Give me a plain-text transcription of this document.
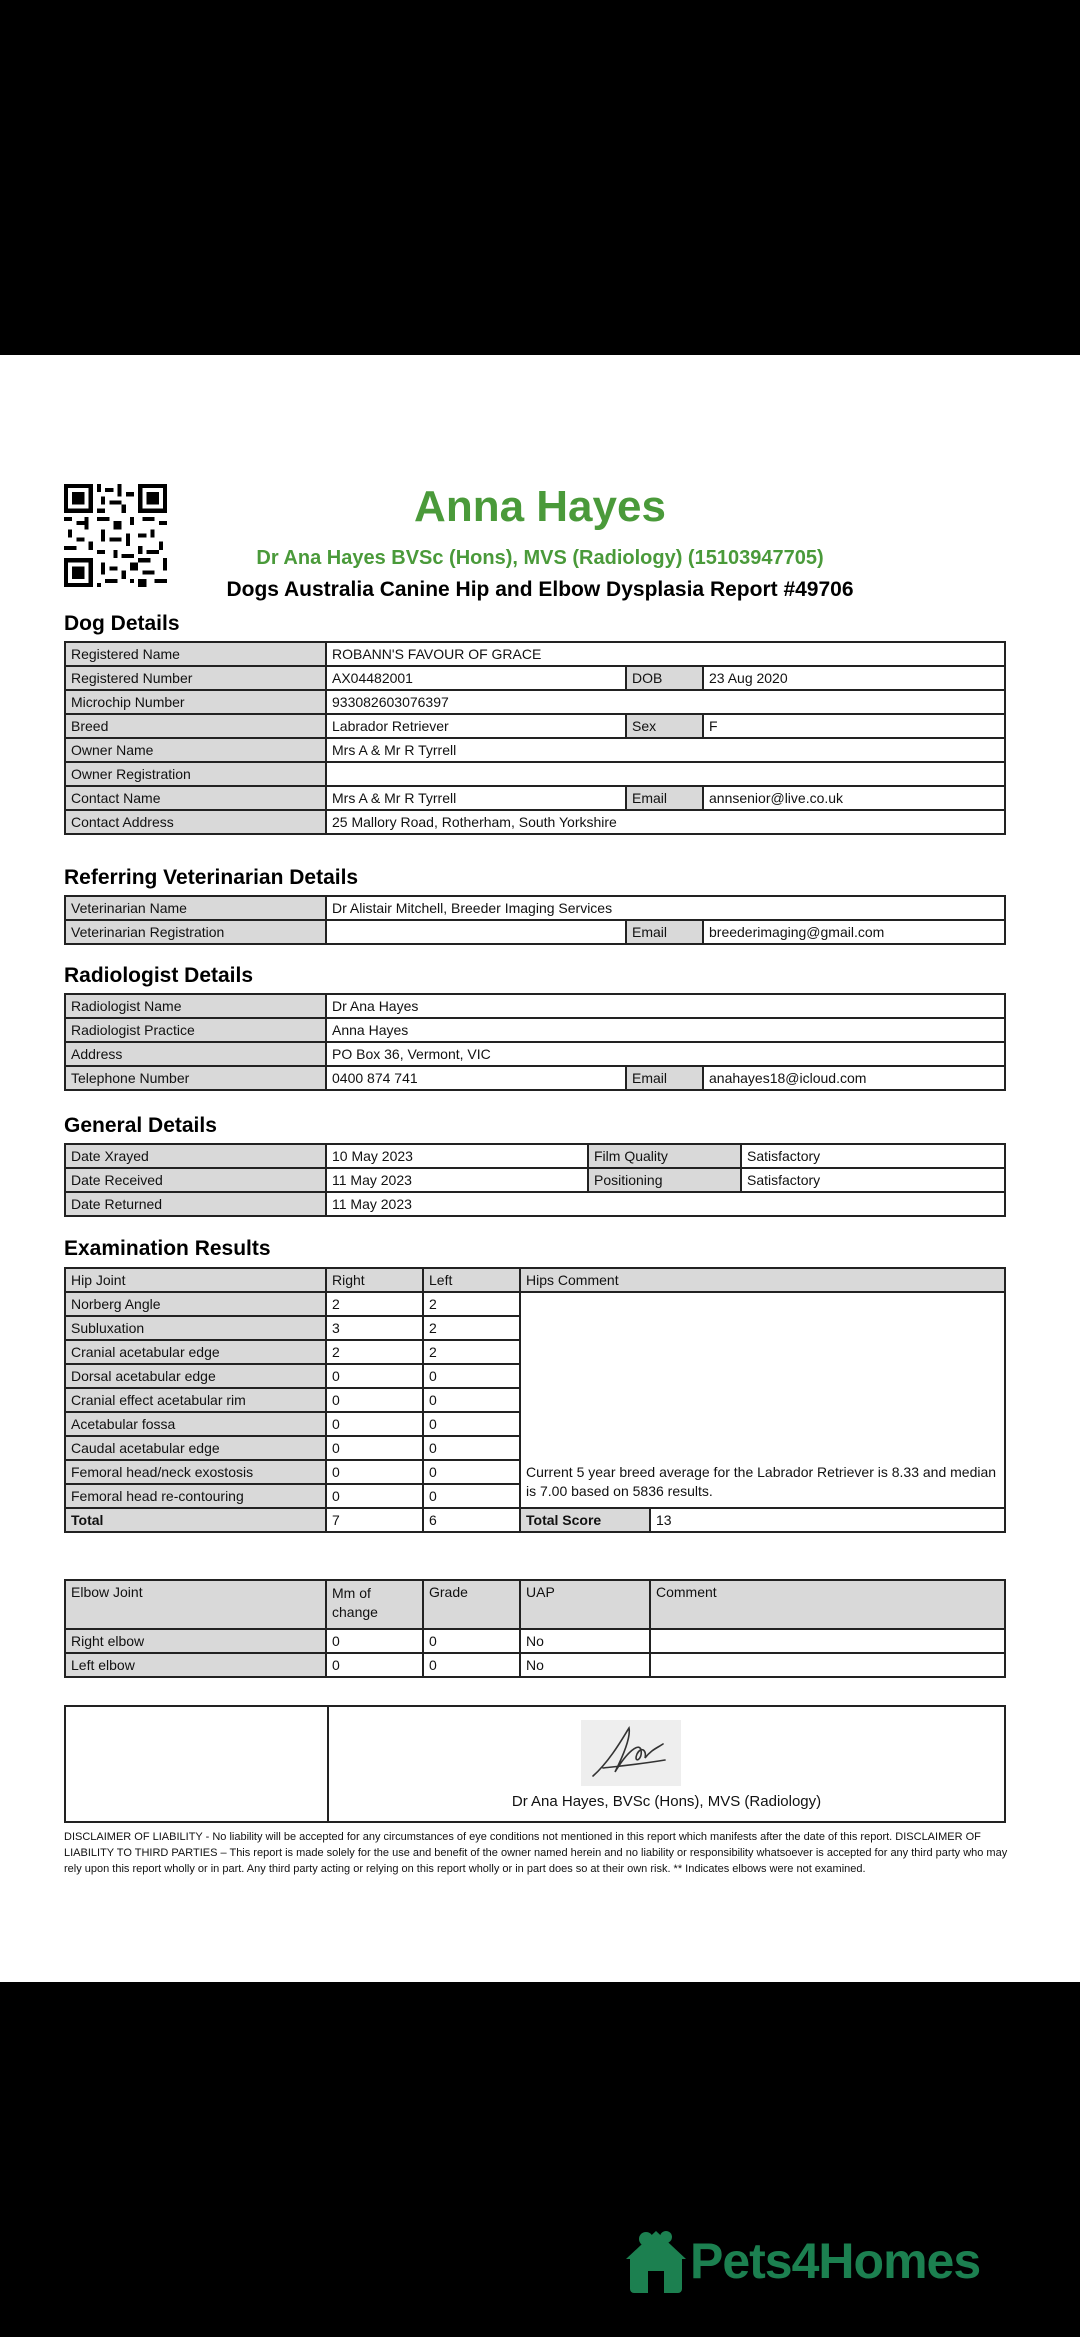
Anna Hayes
Dr Ana Hayes BVSc (Hons), MVS (Radiology) (15103947705)
Dogs Australia Canine Hip and Elbow Dysplasia Report #49706
Dog Details
Registered Name	ROBANN'S FAVOUR OF GRACE		
Registered Number	AX04482001	DOB	23 Aug 2020
Microchip Number	933082603076397		
Breed	Labrador Retriever	Sex	F
Owner Name	Mrs A & Mr R Tyrrell		
Owner Registration			
Contact Name	Mrs A & Mr R Tyrrell	Email	annsenior@live.co.uk
Contact Address	25 Mallory Road, Rotherham, South Yorkshire		
Referring Veterinarian Details
Veterinarian Name	Dr Alistair Mitchell, Breeder Imaging Services		
Veterinarian Registration		Email	breederimaging@gmail.com
Radiologist Details
Radiologist Name	Dr Ana Hayes		
Radiologist Practice	Anna Hayes		
Address	PO Box 36, Vermont, VIC		
Telephone Number	0400 874 741	Email	anahayes18@icloud.com
General Details
Date Xrayed	10 May 2023	Film Quality	Satisfactory
Date Received	11 May 2023	Positioning	Satisfactory
Date Returned	11 May 2023		
Examination Results
Hip Joint	Right	Left	Hips Comment	
Norberg Angle	2	2		
Subluxation	3	2		
Cranial acetabular edge	2	2		
Dorsal acetabular edge	0	0		
Cranial effect acetabular rim	0	0		
Acetabular fossa	0	0		
Caudal acetabular edge	0	0		
Femoral head/neck exostosis	0	0	Current 5 year breed average for the Labrador Retriever is 8.33 and median is 7.00 based on 5836 results.	
Femoral head re-contouring	0	0		
Total	7	6	Total Score	13
Elbow Joint	Mm of change	Grade	UAP	Comment
Right elbow	0	0	No	
Left elbow	0	0	No	
Dr Ana Hayes, BVSc (Hons), MVS (Radiology)
DISCLAIMER OF LIABILITY - No liability will be accepted for any circumstances of eye conditions not mentioned in this report which manifests after the date of this report. DISCLAIMER OF LIABILITY TO THIRD PARTIES – This report is made solely for the use and benefit of the owner named herein and no liability or responsibility whatsoever is accepted for any third party who may rely upon this report wholly or in part. Any third party acting or relying on this report wholly or in part does so at their own risk. ** Indicates elbows were not examined.
Pets4Homes
